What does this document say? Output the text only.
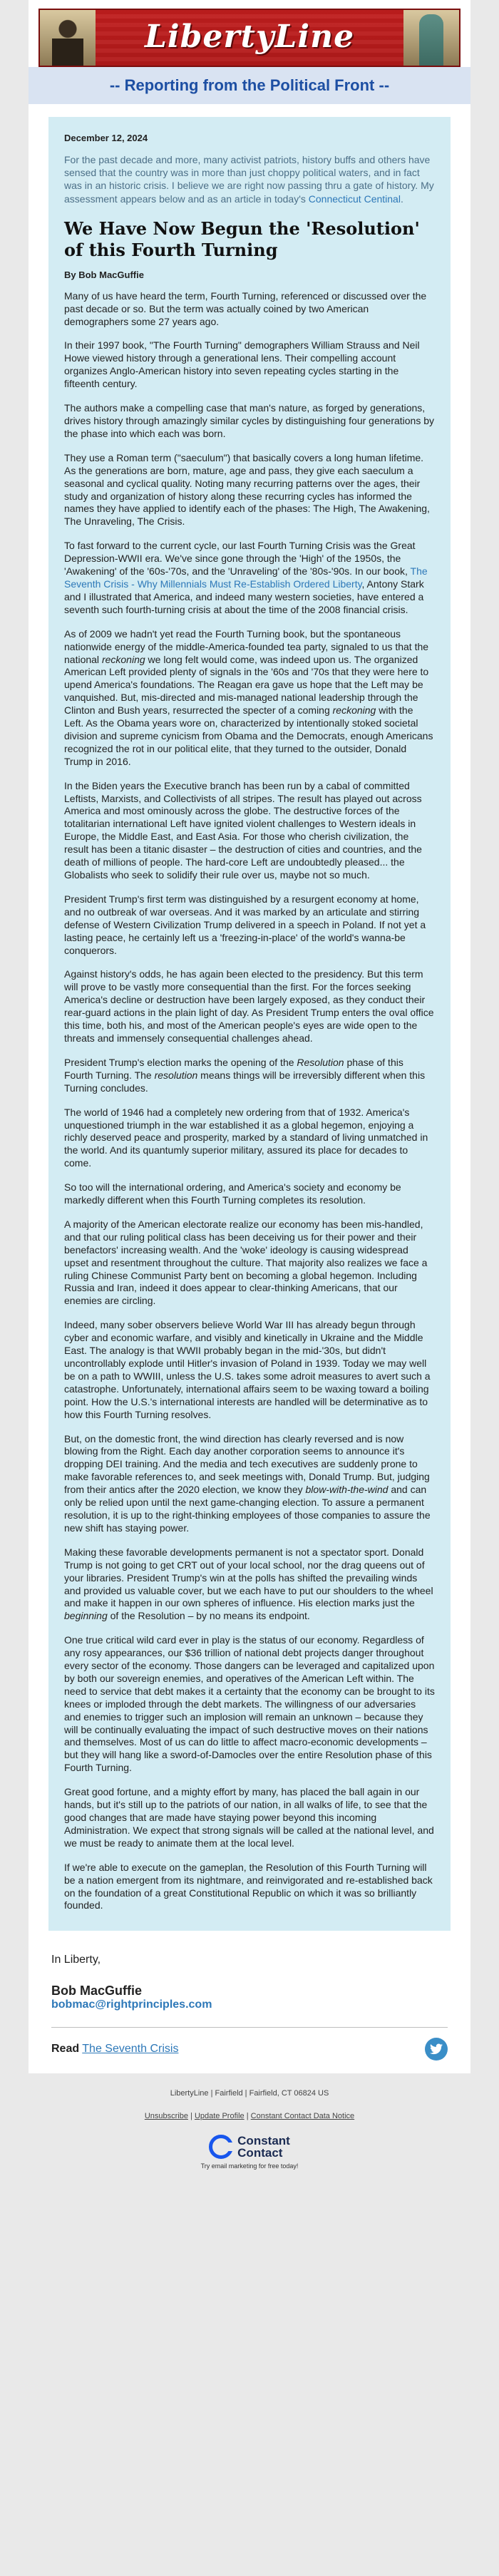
LibertyLine
-- Reporting from the Political Front --
December 12, 2024

For the past decade and more, many activist patriots, history buffs and others have sensed that the country was in more than just choppy political waters, and in fact was in an historic crisis. I believe we are right now passing thru a gate of history. My assessment appears below and as an article in today's Connecticut Centinal.

We Have Now Begun the 'Resolution' of this Fourth Turning
By Bob MacGuffie

Many of us have heard the term, Fourth Turning, referenced or discussed over the past decade or so. But the term was actually coined by two American demographers some 27 years ago.

In their 1997 book, "The Fourth Turning" demographers William Strauss and Neil Howe viewed history through a generational lens. Their compelling account organizes Anglo-American history into seven repeating cycles starting in the fifteenth century.

The authors make a compelling case that man's nature, as forged by generations, drives history through amazingly similar cycles by distinguishing four generations by the phase into which each was born.

They use a Roman term ("saeculum") that basically covers a long human lifetime. As the generations are born, mature, age and pass, they give each saeculum a seasonal and cyclical quality. Noting many recurring patterns over the ages, their study and organization of history along these recurring cycles has informed the names they have applied to identify each of the phases: The High, The Awakening, The Unraveling, The Crisis.

To fast forward to the current cycle, our last Fourth Turning Crisis was the Great Depression-WWII era. We've since gone through the 'High' of the 1950s, the 'Awakening' of the '60s-'70s, and the 'Unraveling' of the '80s-'90s. In our book, The Seventh Crisis - Why Millennials Must Re-Establish Ordered Liberty, Antony Stark and I illustrated that America, and indeed many western societies, have entered a seventh such fourth-turning crisis at about the time of the 2008 financial crisis.

As of 2009 we hadn't yet read the Fourth Turning book, but the spontaneous nationwide energy of the middle-America-founded tea party, signaled to us that the national reckoning we long felt would come, was indeed upon us. The organized American Left provided plenty of signals in the '60s and '70s that they were here to upend America's foundations. The Reagan era gave us hope that the Left may be vanquished. But, mis-directed and mis-managed national leadership through the Clinton and Bush years, resurrected the specter of a coming reckoning with the Left. As the Obama years wore on, characterized by intentionally stoked societal division and supreme cynicism from Obama and the Democrats, enough Americans recognized the rot in our political elite, that they turned to the outsider, Donald Trump in 2016.

In the Biden years the Executive branch has been run by a cabal of committed Leftists, Marxists, and Collectivists of all stripes. The result has played out across America and most ominously across the globe. The destructive forces of the totalitarian international Left have ignited violent challenges to Western ideals in Europe, the Middle East, and East Asia. For those who cherish civilization, the result has been a titanic disaster – the destruction of cities and countries, and the death of millions of people. The hard-core Left are undoubtedly pleased... the Globalists who seek to solidify their rule over us, maybe not so much.

President Trump's first term was distinguished by a resurgent economy at home, and no outbreak of war overseas. And it was marked by an articulate and stirring defense of Western Civilization Trump delivered in a speech in Poland. If not yet a lasting peace, he certainly left us a 'freezing-in-place' of the world's wanna-be conquerors.

Against history's odds, he has again been elected to the presidency. But this term will prove to be vastly more consequential than the first. For the forces seeking America's decline or destruction have been largely exposed, as they conduct their rear-guard actions in the plain light of day. As President Trump enters the oval office this time, both his, and most of the American people's eyes are wide open to the threats and immensely consequential challenges ahead.

President Trump's election marks the opening of the Resolution phase of this Fourth Turning. The resolution means things will be irreversibly different when this Turning concludes.

The world of 1946 had a completely new ordering from that of 1932. America's unquestioned triumph in the war established it as a global hegemon, enjoying a richly deserved peace and prosperity, marked by a standard of living unmatched in the world. And its quantumly superior military, assured its place for decades to come.

So too will the international ordering, and America's society and economy be markedly different when this Fourth Turning completes its resolution.

A majority of the American electorate realize our economy has been mis-handled, and that our ruling political class has been deceiving us for their power and their benefactors' increasing wealth. And the 'woke' ideology is causing widespread upset and resentment throughout the culture. That majority also realizes we face a ruling Chinese Communist Party bent on becoming a global hegemon. Including Russia and Iran, indeed it does appear to clear-thinking Americans, that our enemies are circling.

Indeed, many sober observers believe World War III has already begun through cyber and economic warfare, and visibly and kinetically in Ukraine and the Middle East. The analogy is that WWII probably began in the mid-'30s, but didn't uncontrollably explode until Hitler's invasion of Poland in 1939. Today we may well be on a path to WWIII, unless the U.S. takes some adroit measures to avert such a catastrophe. Unfortunately, international affairs seem to be waxing toward a boiling point. How the U.S.'s international interests are handled will be determinative as to how this Fourth Turning resolves.

But, on the domestic front, the wind direction has clearly reversed and is now blowing from the Right. Each day another corporation seems to announce it's dropping DEI training. And the media and tech executives are suddenly prone to make favorable references to, and seek meetings with, Donald Trump. But, judging from their antics after the 2020 election, we know they blow-with-the-wind and can only be relied upon until the next game-changing election. To assure a permanent resolution, it is up to the right-thinking employees of those companies to assure the new shift has staying power.

Making these favorable developments permanent is not a spectator sport. Donald Trump is not going to get CRT out of your local school, nor the drag queens out of your libraries. President Trump's win at the polls has shifted the prevailing winds and provided us valuable cover, but we each have to put our shoulders to the wheel and make it happen in our own spheres of influence. His election marks just the beginning of the Resolution – by no means its endpoint.

One true critical wild card ever in play is the status of our economy. Regardless of any rosy appearances, our $36 trillion of national debt projects danger throughout every sector of the economy. Those dangers can be leveraged and capitalized upon by both our sovereign enemies, and operatives of the American Left within. The need to service that debt makes it a certainty that the economy can be brought to its knees or imploded through the debt markets. The willingness of our adversaries and enemies to trigger such an implosion will remain an unknown – because they will be continually evaluating the impact of such destructive moves on their nations and themselves. Most of us can do little to affect macro-economic developments – but they will hang like a sword-of-Damocles over the entire Resolution phase of this Fourth Turning.

Great good fortune, and a mighty effort by many, has placed the ball again in our hands, but it's still up to the patriots of our nation, in all walks of life, to see that the good changes that are made have staying power beyond this incoming Administration. We expect that strong signals will be called at the national level, and we must be ready to animate them at the local level.

If we're able to execute on the gameplan, the Resolution of this Fourth Turning will be a nation emergent from its nightmare, and reinvigorated and re-established back on the foundation of a great Constitutional Republic on which it was so brilliantly founded.

In Liberty,
Bob MacGuffie
bobmac@rightprinciples.com
Read The Seventh Crisis
LibertyLine | Fairfield | Fairfield, CT 06824 US
Unsubscribe | Update Profile | Constant Contact Data Notice
Constant
Contact
Try email marketing for free today!
